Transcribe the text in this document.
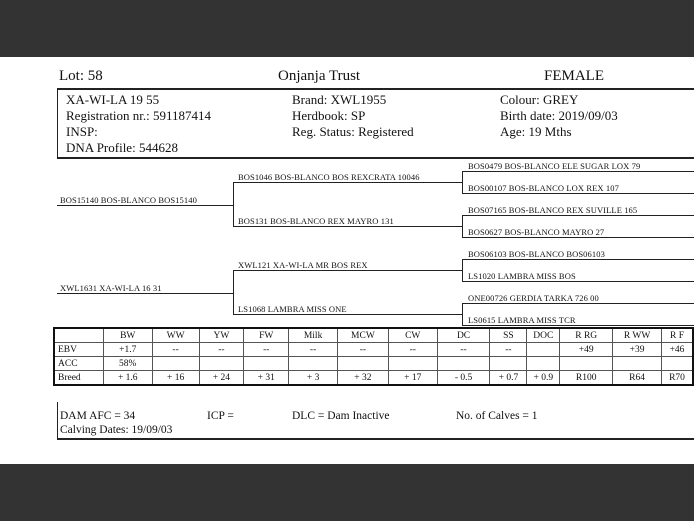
Lot: 58	Onjanja Trust	FEMALE
XA-WI-LA 19 55
Registration nr.: 591187414
INSP:
DNA Profile: 544628
Brand: XWL1955
Herdbook: SP
Reg. Status: Registered
Colour: GREY
Birth date: 2019/09/03
Age: 19 Mths
BOS15140 BOS-BLANCO BOS15140
BOS1046 BOS-BLANCO BOS REXCRATA 10046
BOS131 BOS-BLANCO REX MAYRO 131
BOS0479 BOS-BLANCO ELE SUGAR LOX 79
BOS00107 BOS-BLANCO LOX REX 107
BOS07165 BOS-BLANCO REX SUVILLE 165
BOS0627 BOS-BLANCO MAYRO 27
XWL1631 XA-WI-LA 16 31
XWL121 XA-WI-LA MR BOS REX
LS1068 LAMBRA MISS ONE
BOS06103 BOS-BLANCO BOS06103
LS1020 LAMBRA MISS BOS
ONE00726 GERDIA TARKA 726 00
LS0615 LAMBRA MISS TCR
	BW	WW	YW	FW	Milk	MCW	CW	DC	SS	DOC	R RG	R WW	R F
EBV	+1.7	--	--	--	--	--	--	--	--		+49	+39	+46
ACC	58%												
Breed	+ 1.6	+ 16	+ 24	+ 31	+ 3	+ 32	+ 17	- 0.5	+ 0.7	+ 0.9	R100	R64	R70
DAM AFC = 34	ICP =	DLC = Dam Inactive	No. of Calves = 1
Calving Dates: 19/09/03
